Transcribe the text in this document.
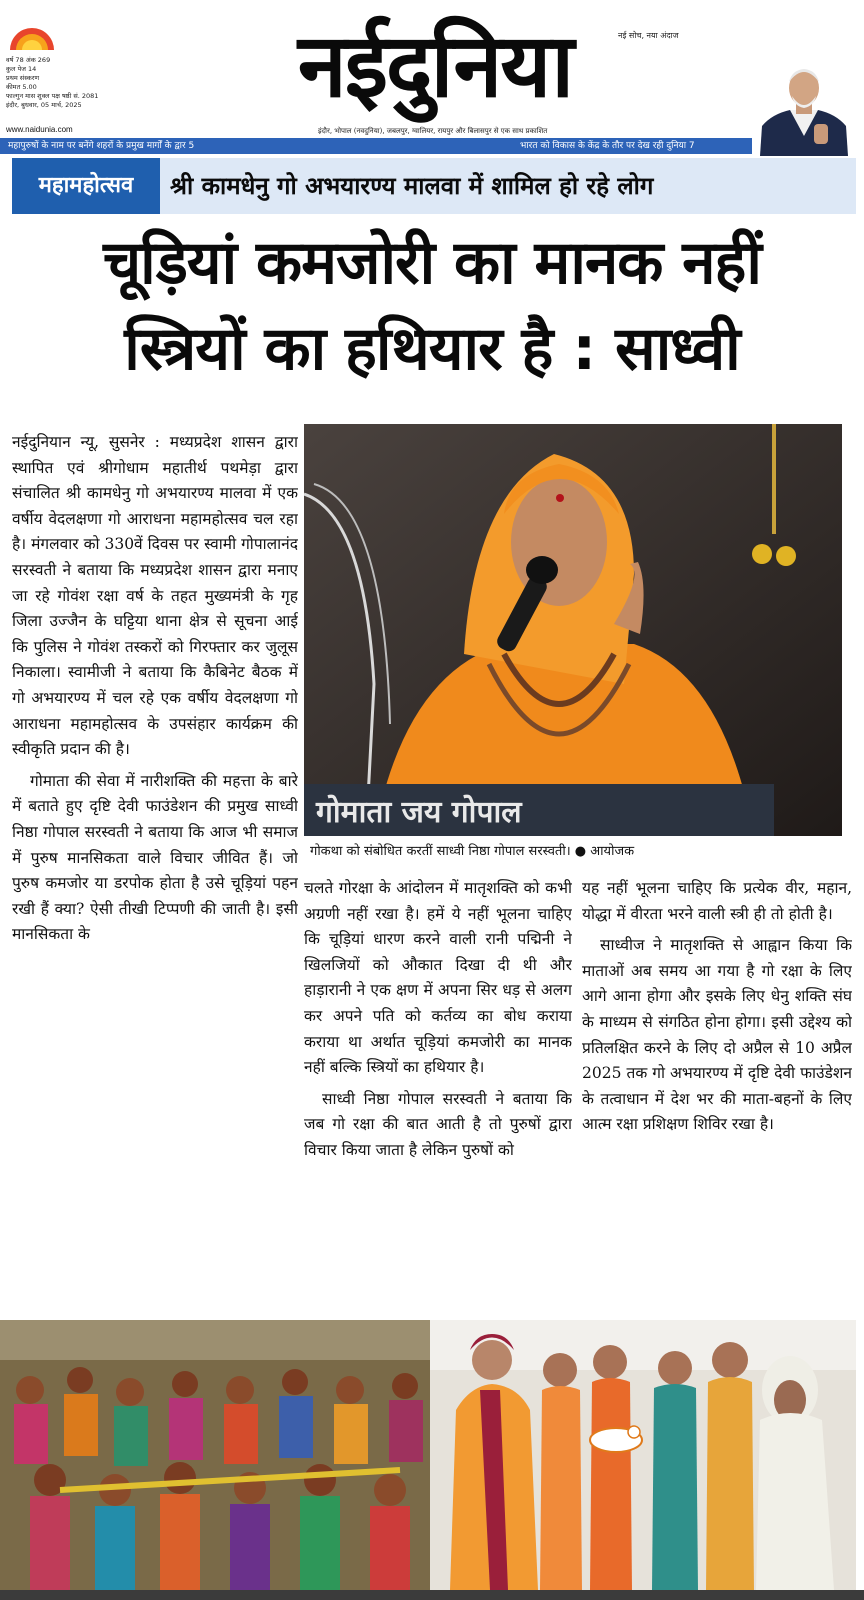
वर्ष 78 अंक 269
कुल पेज 14
प्रथम संस्करण
कीमत 5.00
फाल्गुन मास शुक्ल पक्ष षष्ठी सं. 2081
इंदौर, बुधवार, 05 मार्च, 2025
www.naidunia.com
नईदुनिया	नई सोच, नया अंदाज
इंदौर, भोपाल (नवदुनिया), जबलपुर, ग्वालियर, रायपुर और बिलासपुर से एक साथ प्रकाशित
महापुरुषों के नाम पर बनेंगे शहरों के प्रमुख मार्गों के द्वार 5	भारत को विकास के केंद्र के तौर पर देख रही दुनिया 7
महामहोत्सव	श्री कामधेनु गो अभयारण्य मालवा में शामिल हो रहे लोग
चूड़ियां कमजोरी का मानक नहीं
स्त्रियों का हथियार है : साध्वी

नईदुनियान न्यू, सुसनेर : मध्यप्रदेश शासन द्वारा स्थापित एवं श्रीगोधाम महातीर्थ पथमेड़ा द्वारा संचालित श्री कामधेनु गो अभयारण्य मालवा में एक वर्षीय वेदलक्षणा गो आराधना महामहोत्सव चल रहा है। मंगलवार को 330वें दिवस पर स्वामी गोपालानंद सरस्वती ने बताया कि मध्यप्रदेश शासन द्वारा मनाए जा रहे गोवंश रक्षा वर्ष के तहत मुख्यमंत्री के गृह जिला उज्जैन के घट्टिया थाना क्षेत्र से सूचना आई कि पुलिस ने गोवंश तस्करों को गिरफ्तार कर जुलूस निकाला। स्वामीजी ने बताया कि कैबिनेट बैठक में गो अभयारण्य में चल रहे एक वर्षीय वेदलक्षणा गो आराधना महामहोत्सव के उपसंहार कार्यक्रम की स्वीकृति प्रदान की है।

गोमाता की सेवा में नारीशक्ति की महत्ता के बारे में बताते हुए दृष्टि देवी फाउंडेशन की प्रमुख साध्वी निष्ठा गोपाल सरस्वती ने बताया कि आज भी समाज में पुरुष मानसिकता वाले विचार जीवित हैं। जो पुरुष कमजोर या डरपोक होता है उसे चूड़ियां पहन रखी हैं क्या? ऐसी तीखी टिप्पणी की जाती है। इसी मानसिकता के

गोमाता जय गोपाल
गोकथा को संबोधित करतीं साध्वी निष्ठा गोपाल सरस्वती। ● आयोजक

चलते गोरक्षा के आंदोलन में मातृशक्ति को कभी अग्रणी नहीं रखा है। हमें ये नहीं भूलना चाहिए कि चूड़ियां धारण करने वाली रानी पद्मिनी ने खिलजियों को औकात दिखा दी थी और हाड़ारानी ने एक क्षण में अपना सिर धड़ से अलग कर अपने पति को कर्तव्य का बोध कराया कराया था अर्थात चूड़ियां कमजोरी का मानक नहीं बल्कि स्त्रियों का हथियार है।

साध्वी निष्ठा गोपाल सरस्वती ने बताया कि जब गो रक्षा की बात आती है तो पुरुषों द्वारा विचार किया जाता है लेकिन पुरुषों को

यह नहीं भूलना चाहिए कि प्रत्येक वीर, महान, योद्धा में वीरता भरने वाली स्त्री ही तो होती है।

साध्वीज ने मातृशक्ति से आह्वान किया कि माताओं अब समय आ गया है गो रक्षा के लिए आगे आना होगा और इसके लिए धेनु शक्ति संघ के माध्यम से संगठित होना होगा। इसी उद्देश्य को प्रतिलक्षित करने के लिए दो अप्रैल से 10 अप्रैल 2025 तक गो अभयारण्य में दृष्टि देवी फाउंडेशन के तत्वाधान में देश भर की माता-बहनों के लिए आत्म रक्षा प्रशिक्षण शिविर रखा है।
